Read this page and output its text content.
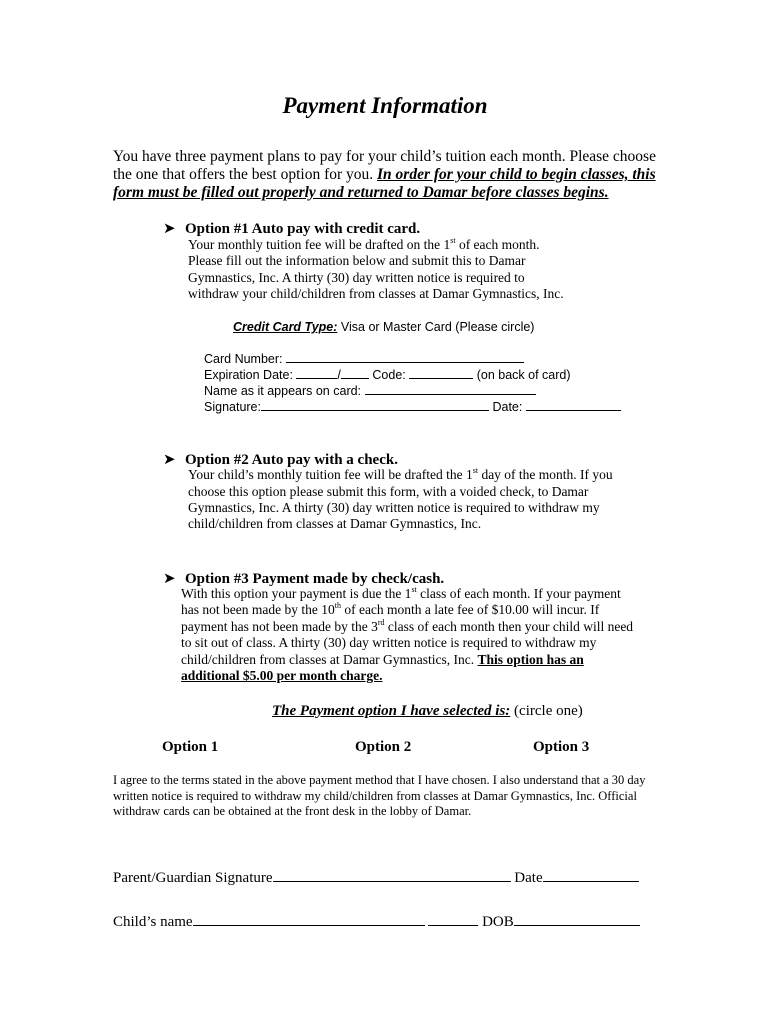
Payment Information
You have three payment plans to pay for your child’s tuition each month. Please choose
the one that offers the best option for you. In order for your child to begin classes, this
form must be filled out properly and returned to Damar before classes begins.
➤ Option #1 Auto pay with credit card.
Your monthly tuition fee will be drafted on the 1st of each month.
Please fill out the information below and submit this to Damar
Gymnastics, Inc. A thirty (30) day written notice is required to
withdraw your child/children from classes at Damar Gymnastics, Inc.
Credit Card Type: Visa or Master Card (Please circle)
Card Number:
Expiration Date:	/	Code:	(on back of card)
Name as it appears on card:
Signature:	Date:
➤ Option #2 Auto pay with a check.
Your child’s monthly tuition fee will be drafted the 1st day of the month. If you
choose this option please submit this form, with a voided check, to Damar
Gymnastics, Inc. A thirty (30) day written notice is required to withdraw my
child/children from classes at Damar Gymnastics, Inc.
➤ Option #3 Payment made by check/cash.
With this option your payment is due the 1st class of each month. If your payment
has not been made by the 10th of each month a late fee of $10.00 will incur. If
payment has not been made by the 3rd class of each month then your child will need
to sit out of class. A thirty (30) day written notice is required to withdraw my
child/children from classes at Damar Gymnastics, Inc. This option has an
additional $5.00 per month charge.
The Payment option I have selected is: (circle one)
Option 1	Option 2	Option 3
I agree to the terms stated in the above payment method that I have chosen. I also understand that a 30 day
written notice is required to withdraw my child/children from classes at Damar Gymnastics, Inc. Official
withdraw cards can be obtained at the front desk in the lobby of Damar.
Parent/Guardian Signature	Date
Child’s name	DOB
